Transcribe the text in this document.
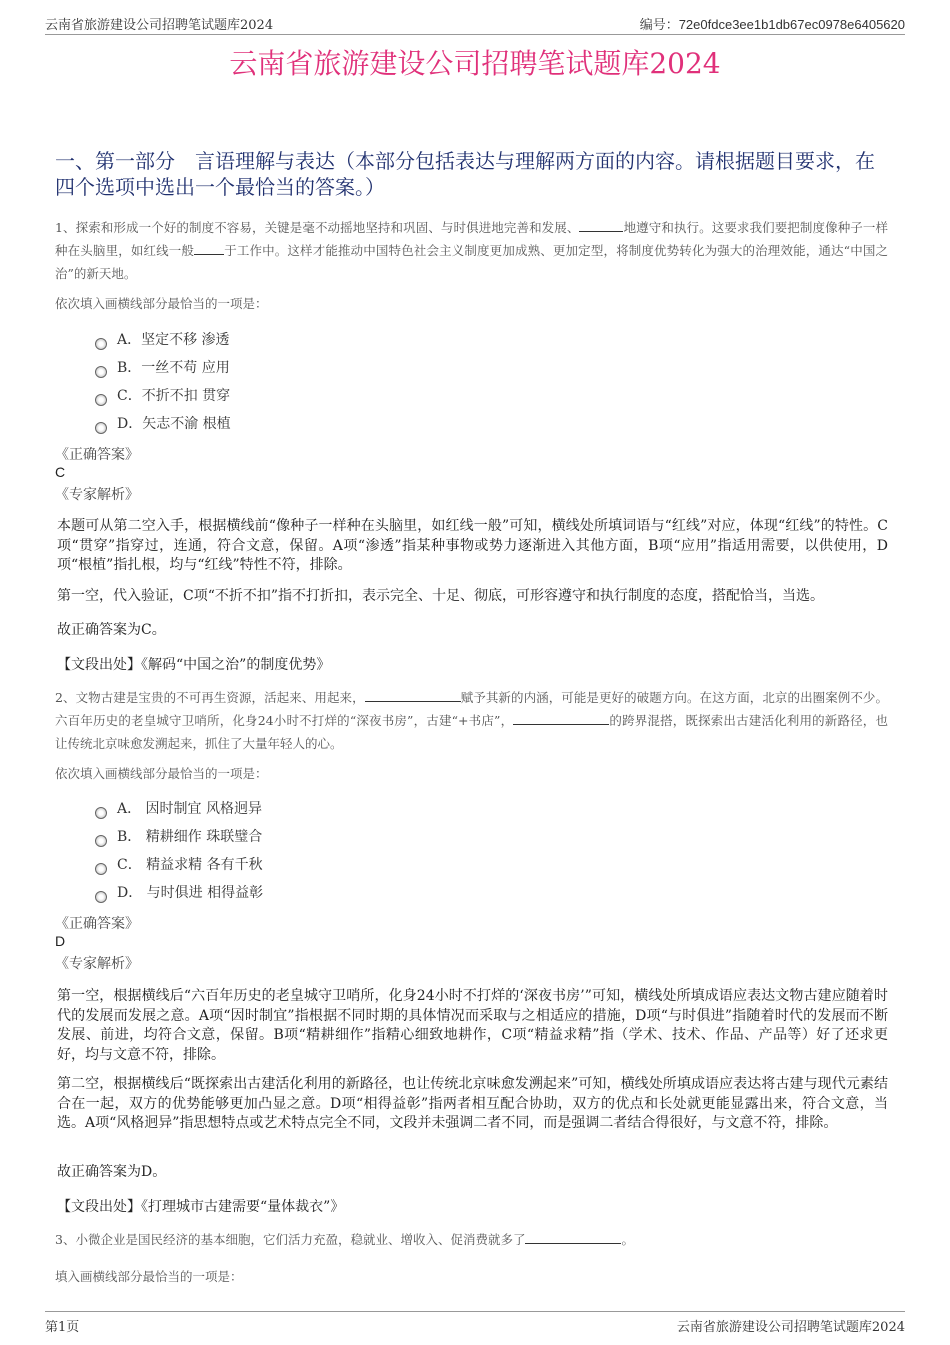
云南省旅游建设公司招聘笔试题库2024	编号：72e0fdce3ee1b1db67ec0978e6405620
云南省旅游建设公司招聘笔试题库2024
一、第一部分　言语理解与表达（本部分包括表达与理解两方面的内容。请根据题目要求，在四个选项中选出一个最恰当的答案。）
1、探索和形成一个好的制度不容易，关键是毫不动摇地坚持和巩固、与时俱进地完善和发展、	地遵守和执行。这要求我们要把制度像种子一样种在头脑里，如红线一般 于工作中。这样才能推动中国特色社会主义制度更加成熟、更加定型，将制度优势转化为强大的治理效能，通达“中国之治”的新天地。
依次填入画横线部分最恰当的一项是：
A．坚定不移 渗透
B．一丝不苟 应用
C．不折不扣 贯穿
D．矢志不渝 根植
《正确答案》
C
《专家解析》
本题可从第二空入手，根据横线前“像种子一样种在头脑里，如红线一般”可知，横线处所填词语与“红线”对应，体现“红线”的特性。C项“贯穿”指穿过，连通，符合文意，保留。A项“渗透”指某种事物或势力逐渐进入其他方面，B项“应用”指适用需要，以供使用，D项“根植”指扎根，均与“红线”特性不符，排除。
第一空，代入验证，C项“不折不扣”指不打折扣，表示完全、十足、彻底，可形容遵守和执行制度的态度，搭配恰当，当选。
故正确答案为C。
【文段出处】《解码“中国之治”的制度优势》
2、文物古建是宝贵的不可再生资源，活起来、用起来，	赋予其新的内涵，可能是更好的破题方向。在这方面，北京的出圈案例不少。六百年历史的老皇城守卫哨所，化身24小时不打烊的“深夜书房”，古建“+书店”，	的跨界混搭，既探索出古建活化利用的新路径，也让传统北京味愈发溯起来，抓住了大量年轻人的心。
依次填入画横线部分最恰当的一项是：
A． 因时制宜 风格迥异
B． 精耕细作 珠联璧合
C． 精益求精 各有千秋
D． 与时俱进 相得益彰
《正确答案》
D
《专家解析》
第一空，根据横线后“六百年历史的老皇城守卫哨所，化身24小时不打烊的‘深夜书房’”可知，横线处所填成语应表达文物古建应随着时代的发展而发展之意。A项“因时制宜”指根据不同时期的具体情况而采取与之相适应的措施，D项“与时俱进”指随着时代的发展而不断发展、前进，均符合文意，保留。B项“精耕细作”指精心细致地耕作，C项“精益求精”指（学术、技术、作品、产品等）好了还求更好，均与文意不符，排除。
第二空，根据横线后“既探索出古建活化利用的新路径，也让传统北京味愈发溯起来”可知，横线处所填成语应表达将古建与现代元素结合在一起，双方的优势能够更加凸显之意。D项“相得益彰”指两者相互配合协助，双方的优点和长处就更能显露出来，符合文意，当选。A项“风格迥异”指思想特点或艺术特点完全不同，文段并未强调二者不同，而是强调二者结合得很好，与文意不符，排除。
故正确答案为D。
【文段出处】《打理城市古建需要“量体裁衣”》
3、小微企业是国民经济的基本细胞，它们活力充盈，稳就业、增收入、促消费就多了	。
填入画横线部分最恰当的一项是：
第1页	云南省旅游建设公司招聘笔试题库2024
